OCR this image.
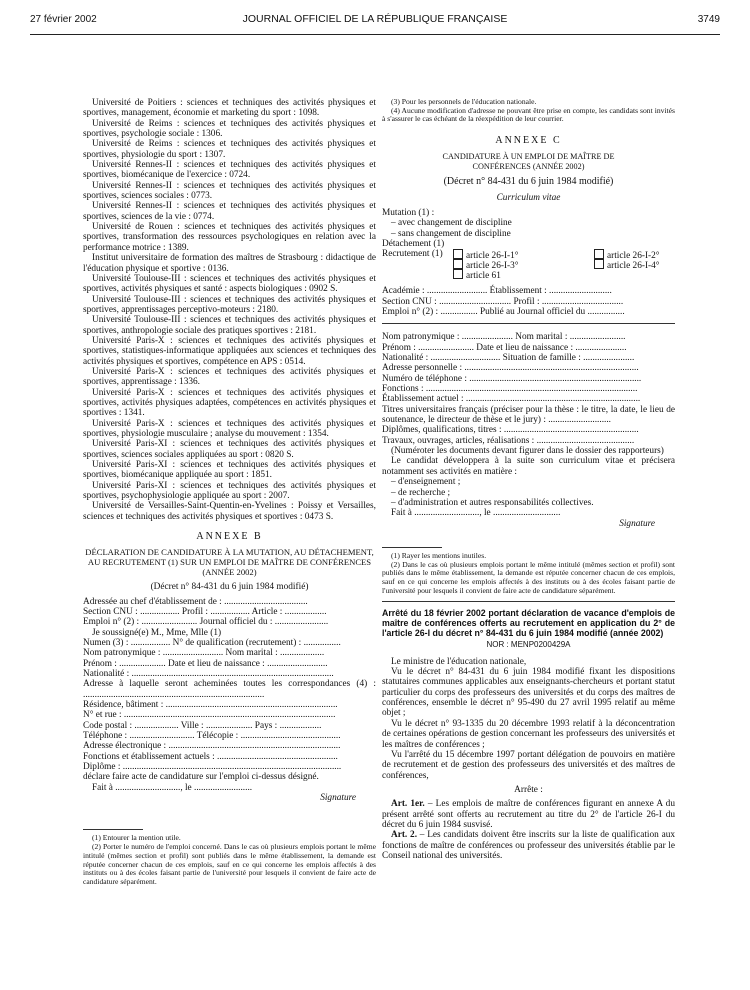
27 février 2002	JOURNAL OFFICIEL DE LA RÉPUBLIQUE FRANÇAISE	3749

Université de Poitiers : sciences et techniques des activités physiques et sportives, management, économie et marketing du sport : 1098.

Université de Reims : sciences et techniques des activités physiques et sportives, psychologie sociale : 1306.

Université de Reims : sciences et techniques des activités physiques et sportives, physiologie du sport : 1307.

Université Rennes-II : sciences et techniques des activités physiques et sportives, biomécanique de l'exercice : 0724.

Université Rennes-II : sciences et techniques des activités physiques et sportives, sciences sociales : 0773.

Université Rennes-II : sciences et techniques des activités physiques et sportives, sciences de la vie : 0774.

Université de Rouen : sciences et techniques des activités physiques et sportives, transformation des ressources psychologiques en relation avec la performance motrice : 1389.

Institut universitaire de formation des maîtres de Strasbourg : didactique de l'éducation physique et sportive : 0136.

Université Toulouse-III : sciences et techniques des activités physiques et sportives, activités physiques et santé : aspects biologiques : 0902 S.

Université Toulouse-III : sciences et techniques des activités physiques et sportives, apprentissages perceptivo-moteurs : 2180.

Université Toulouse-III : sciences et techniques des activités physiques et sportives, anthropologie sociale des pratiques sportives : 2181.

Université Paris-X : sciences et techniques des activités physiques et sportives, statistiques-informatique appliquées aux sciences et techniques des activités physiques et sportives, compétence en APS : 0514.

Université Paris-X : sciences et techniques des activités physiques et sportives, apprentissage : 1336.

Université Paris-X : sciences et techniques des activités physiques et sportives, activités physiques adaptées, compétences en activités physiques et sportives : 1341.

Université Paris-X : sciences et techniques des activités physiques et sportives, physiologie musculaire ; analyse du mouvement : 1354.

Université Paris-XI : sciences et techniques des activités physiques et sportives, sciences sociales appliquées au sport : 0820 S.

Université Paris-XI : sciences et techniques des activités physiques et sportives, biomécanique appliquée au sport : 1851.

Université Paris-XI : sciences et techniques des activités physiques et sportives, psychophysiologie appliquée au sport : 2007.

Université de Versailles-Saint-Quentin-en-Yvelines : Poissy et Versailles, sciences et techniques des activités physiques et sportives : 0473 S.

ANNEXE B

DÉCLARATION DE CANDIDATURE À LA MUTATION, AU DÉTACHEMENT, AU RECRUTEMENT (1) SUR UN EMPLOI DE MAÎTRE DE CONFÉRENCES (ANNÉE 2002)

(Décret n° 84-431 du 6 juin 1984 modifié)

Adressée au chef d'établissement de : ....................................

Section CNU : ................. Profil : ................. Article : ..................

Emploi n° (2) : ........................ Journal officiel du : .......................

Je soussigné(e) M., Mme, Mlle (1)

Numen (3) : ................. N° de qualification (recrutement) : ................

Nom patronymique : .......................... Nom marital : ...................

Prénom : .................... Date et lieu de naissance : ..........................

Nationalité : .......................................................................................

Adresse à laquelle seront acheminées toutes les correspondances (4) : ..............................................................................

Résidence, bâtiment : ..........................................................................

N° et rue : ...........................................................................................

Code postal : ................... Ville : .................... Pays : ..................

Téléphone : ............................ Télécopie : ...........................................

Adresse électronique : ..........................................................................

Fonctions et établissement actuels : ....................................................

Diplôme : ..............................................................................................

déclare faire acte de candidature sur l'emploi ci-dessus désigné.

Fait à ............................, le .........................

Signature

(1) Entourer la mention utile.

(2) Porter le numéro de l'emploi concerné. Dans le cas où plusieurs emplois portant le même intitulé (mêmes section et profil) sont publiés dans le même établissement, la demande est réputée concerner chacun de ces emplois, sauf en ce qui concerne les emplois affectés à des instituts ou à des écoles faisant partie de l'université pour lesquels il convient de faire acte de candidature séparément.

(3) Pour les personnels de l'éducation nationale.

(4) Aucune modification d'adresse ne pouvant être prise en compte, les candidats sont invités à s'assurer le cas échéant de la réexpédition de leur courrier.

ANNEXE C

CANDIDATURE À UN EMPLOI DE MAÎTRE DE CONFÉRENCES (ANNÉE 2002)

(Décret n° 84-431 du 6 juin 1984 modifié)

Curriculum vitae

Mutation (1) :

– avec changement de discipline

– sans changement de discipline

Détachement (1)

Recrutement (1)	article 26-I-1°	article 26-I-2°
article 26-I-3°	article 26-I-4°
article 61

Académie : .......................... Établissement : ...........................

Section CNU : ............................... Profil : ...................................

Emploi n° (2) : ................ Publié au Journal officiel du ................

Nom patronymique : ...................... Nom marital : ........................

Prénom : ........................ Date et lieu de naissance : ......................

Nationalité : .............................. Situation de famille : ......................

Adresse personnelle : ...........................................................................

Numéro de téléphone : ..........................................................................

Fonctions : ...........................................................................................

Établissement actuel : ...........................................................................

Titres universitaires français (préciser pour la thèse : le titre, la date, le lieu de soutenance, le directeur de thèse et le jury) : ...........................

Diplômes, qualifications, titres : ..........................................................

Travaux, ouvrages, articles, réalisations : ..........................................

(Numéroter les documents devant figurer dans le dossier des rapporteurs)

Le candidat développera à la suite son curriculum vitae et précisera notamment ses activités en matière :

– d'enseignement ;

– de recherche ;

– d'administration et autres responsabilités collectives.

Fait à ............................, le .............................

Signature

(1) Rayer les mentions inutiles.

(2) Dans le cas où plusieurs emplois portant le même intitulé (mêmes section et profil) sont publiés dans le même établissement, la demande est réputée concerner chacun de ces emplois, sauf en ce qui concerne les emplois affectés à des instituts ou à des écoles faisant partie de l'université pour lesquels il convient de faire acte de candidature séparément.

Arrêté du 18 février 2002 portant déclaration de vacance d'emplois de maître de conférences offerts au recrutement en application du 2° de l'article 26-I du décret n° 84-431 du 6 juin 1984 modifié (année 2002)

NOR : MENP0200429A

Le ministre de l'éducation nationale,

Vu le décret n° 84-431 du 6 juin 1984 modifié fixant les dispositions statutaires communes applicables aux enseignants-chercheurs et portant statut particulier du corps des professeurs des universités et du corps des maîtres de conférences, ensemble le décret n° 95-490 du 27 avril 1995 relatif au même objet ;

Vu le décret n° 93-1335 du 20 décembre 1993 relatif à la déconcentration de certaines opérations de gestion concernant les professeurs des universités et les maîtres de conférences ;

Vu l'arrêté du 15 décembre 1997 portant délégation de pouvoirs en matière de recrutement et de gestion des professeurs des universités et des maîtres de conférences,

Arrête :

Art. 1er. – Les emplois de maître de conférences figurant en annexe A du présent arrêté sont offerts au recrutement au titre du 2° de l'article 26-I du décret du 6 juin 1984 susvisé.

Art. 2. – Les candidats doivent être inscrits sur la liste de qualification aux fonctions de maître de conférences ou professeur des universités établie par le Conseil national des universités.
